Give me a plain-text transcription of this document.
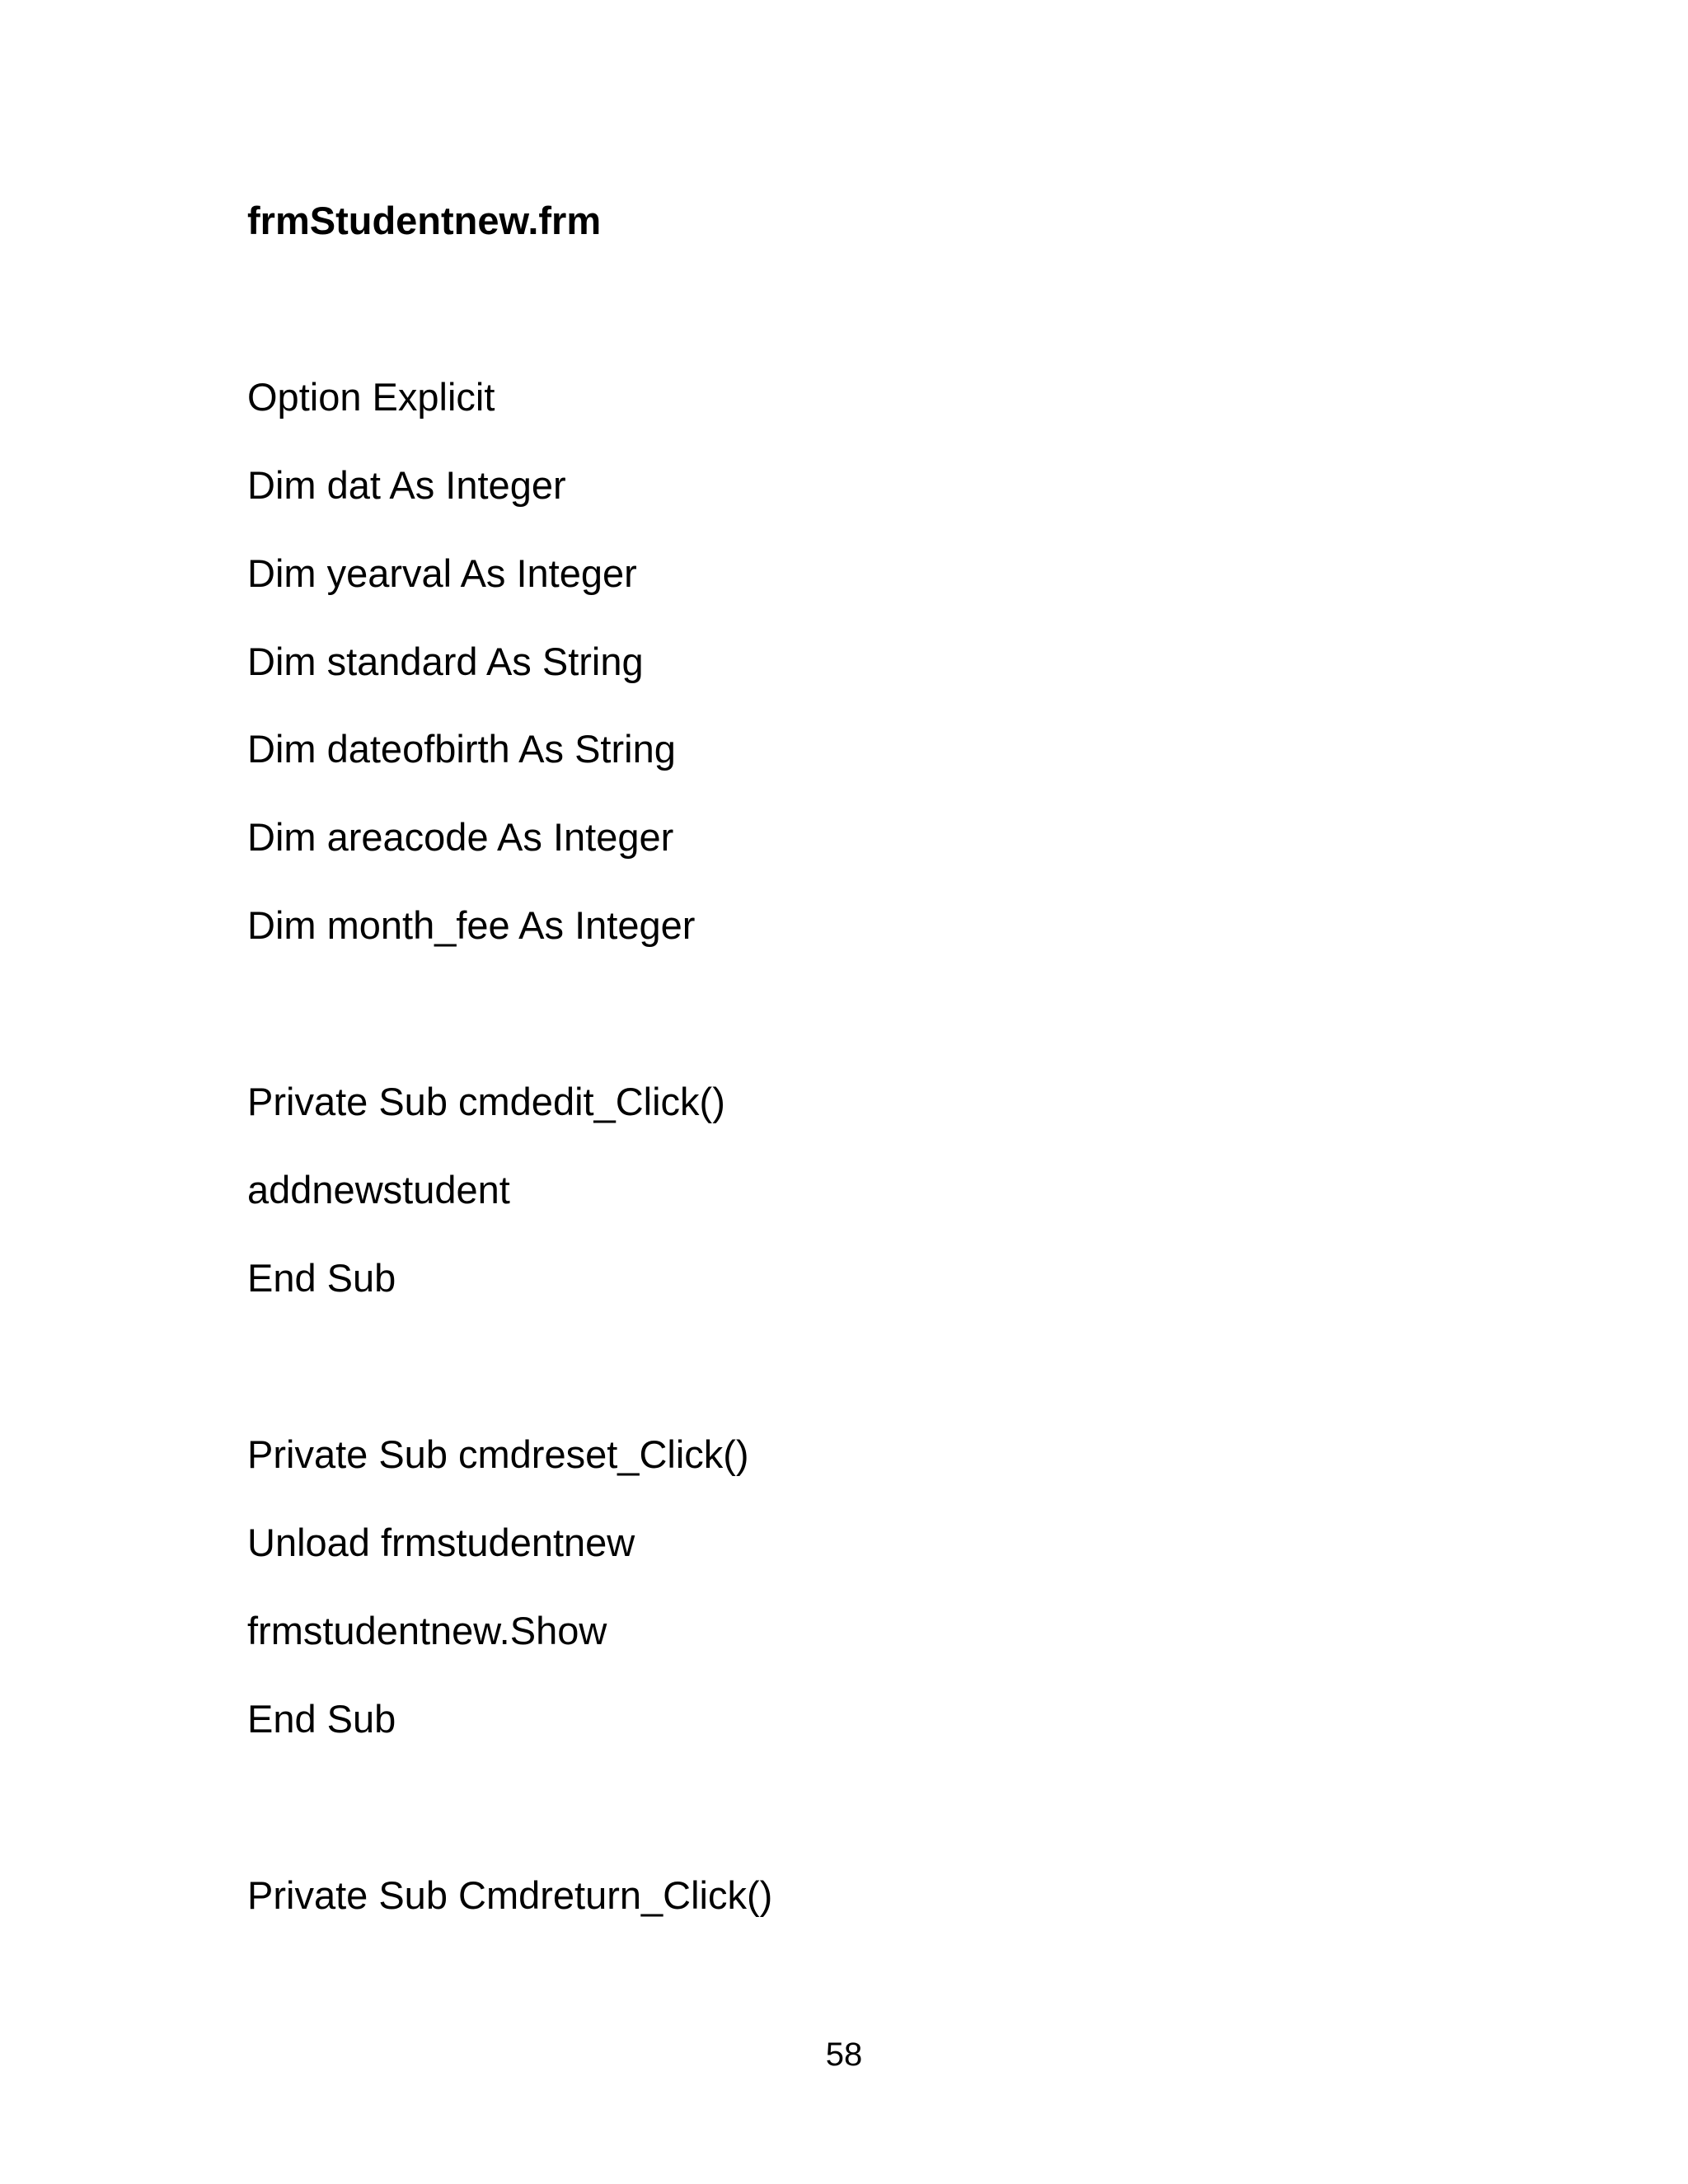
frmStudentnew.frm
Option Explicit
Dim dat As Integer
Dim yearval As Integer
Dim standard As String
Dim dateofbirth As String
Dim areacode As Integer
Dim month_fee As Integer
Private Sub cmdedit_Click()
addnewstudent
End Sub
Private Sub cmdreset_Click()
Unload frmstudentnew
frmstudentnew.Show
End Sub
Private Sub Cmdreturn_Click()
58
